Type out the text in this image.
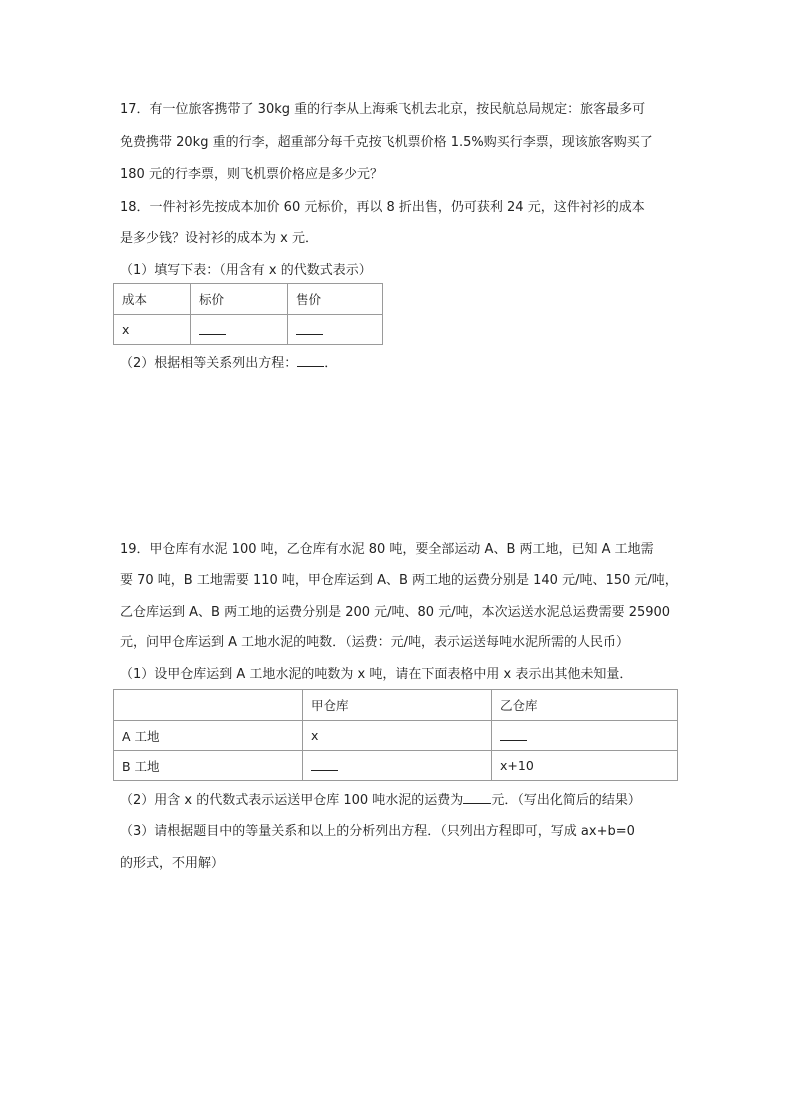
17．有一位旅客携带了 30kg 重的行李从上海乘飞机去北京，按民航总局规定：旅客最多可
免费携带 20kg 重的行李，超重部分每千克按飞机票价格 1.5%购买行李票，现该旅客购买了
180 元的行李票，则飞机票价格应是多少元？
18．一件衬衫先按成本加价 60 元标价，再以 8 折出售，仍可获利 24 元，这件衬衫的成本
是多少钱？设衬衫的成本为 x 元．
（1）填写下表：（用含有 x 的代数式表示）
成本	标价	售价
x		
（2）根据相等关系列出方程： ．
19．甲仓库有水泥 100 吨，乙仓库有水泥 80 吨，要全部运动 A、B 两工地，已知 A 工地需
要 70 吨，B 工地需要 110 吨，甲仓库运到 A、B 两工地的运费分别是 140 元/吨、150 元/吨，
乙仓库运到 A、B 两工地的运费分别是 200 元/吨、80 元/吨，本次运送水泥总运费需要 25900
元，问甲仓库运到 A 工地水泥的吨数．（运费：元/吨，表示运送每吨水泥所需的人民币）
（1）设甲仓库运到 A 工地水泥的吨数为 x 吨，请在下面表格中用 x 表示出其他未知量．
	甲仓库	乙仓库
A 工地	x	
B 工地		x+10
（2）用含 x 的代数式表示运送甲仓库 100 吨水泥的运费为 元．（写出化简后的结果）
（3）请根据题目中的等量关系和以上的分析列出方程．（只列出方程即可，写成 ax+b=0
的形式，不用解）
